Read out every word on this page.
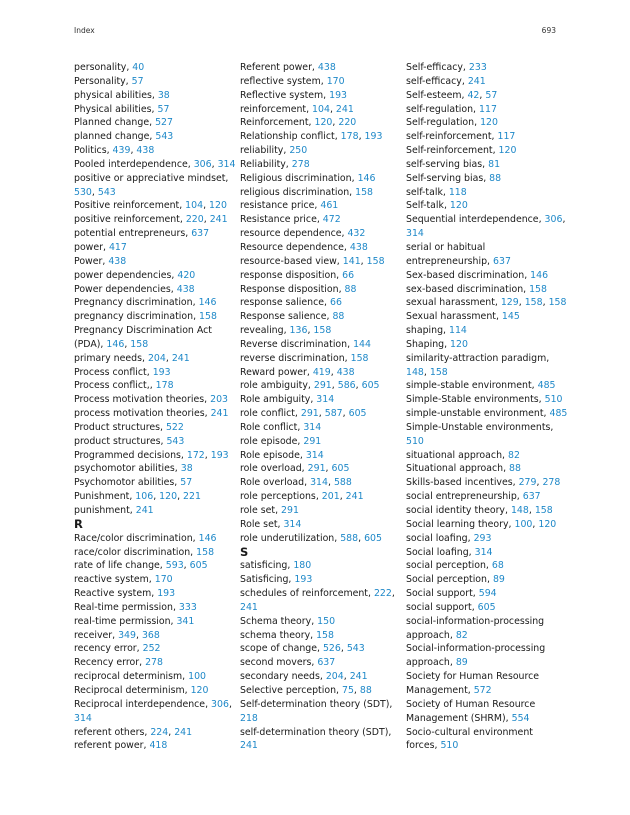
Index	693
personality, 40
Personality, 57
physical abilities, 38
Physical abilities, 57
Planned change, 527
planned change, 543
Politics, 439, 438
Pooled interdependence, 306, 314
positive or appreciative mindset,
530, 543
Positive reinforcement, 104, 120
positive reinforcement, 220, 241
potential entrepreneurs, 637
power, 417
Power, 438
power dependencies, 420
Power dependencies, 438
Pregnancy discrimination, 146
pregnancy discrimination, 158
Pregnancy Discrimination Act
(PDA), 146, 158
primary needs, 204, 241
Process conflict, 193
Process conflict,, 178
Process motivation theories, 203
process motivation theories, 241
Product structures, 522
product structures, 543
Programmed decisions, 172, 193
psychomotor abilities, 38
Psychomotor abilities, 57
Punishment, 106, 120, 221
punishment, 241
R
Race/color discrimination, 146
race/color discrimination, 158
rate of life change, 593, 605
reactive system, 170
Reactive system, 193
Real-time permission, 333
real-time permission, 341
receiver, 349, 368
recency error, 252
Recency error, 278
reciprocal determinism, 100
Reciprocal determinism, 120
Reciprocal interdependence, 306,
314
referent others, 224, 241
referent power, 418
Referent power, 438
reflective system, 170
Reflective system, 193
reinforcement, 104, 241
Reinforcement, 120, 220
Relationship conflict, 178, 193
reliability, 250
Reliability, 278
Religious discrimination, 146
religious discrimination, 158
resistance price, 461
Resistance price, 472
resource dependence, 432
Resource dependence, 438
resource-based view, 141, 158
response disposition, 66
Response disposition, 88
response salience, 66
Response salience, 88
revealing, 136, 158
Reverse discrimination, 144
reverse discrimination, 158
Reward power, 419, 438
role ambiguity, 291, 586, 605
Role ambiguity, 314
role conflict, 291, 587, 605
Role conflict, 314
role episode, 291
Role episode, 314
role overload, 291, 605
Role overload, 314, 588
role perceptions, 201, 241
role set, 291
Role set, 314
role underutilization, 588, 605
S
satisficing, 180
Satisficing, 193
schedules of reinforcement, 222,
241
Schema theory, 150
schema theory, 158
scope of change, 526, 543
second movers, 637
secondary needs, 204, 241
Selective perception, 75, 88
Self-determination theory (SDT),
218
self-determination theory (SDT),
241
Self-efficacy, 233
self-efficacy, 241
Self-esteem, 42, 57
self-regulation, 117
Self-regulation, 120
self-reinforcement, 117
Self-reinforcement, 120
self-serving bias, 81
Self-serving bias, 88
self-talk, 118
Self-talk, 120
Sequential interdependence, 306,
314
serial or habitual
entrepreneurship, 637
Sex-based discrimination, 146
sex-based discrimination, 158
sexual harassment, 129, 158, 158
Sexual harassment, 145
shaping, 114
Shaping, 120
similarity-attraction paradigm,
148, 158
simple-stable environment, 485
Simple-Stable environments, 510
simple-unstable environment, 485
Simple-Unstable environments,
510
situational approach, 82
Situational approach, 88
Skills-based incentives, 279, 278
social entrepreneurship, 637
social identity theory, 148, 158
Social learning theory, 100, 120
social loafing, 293
Social loafing, 314
social perception, 68
Social perception, 89
Social support, 594
social support, 605
social-information-processing
approach, 82
Social-information-processing
approach, 89
Society for Human Resource
Management, 572
Society of Human Resource
Management (SHRM), 554
Socio-cultural environment
forces, 510
